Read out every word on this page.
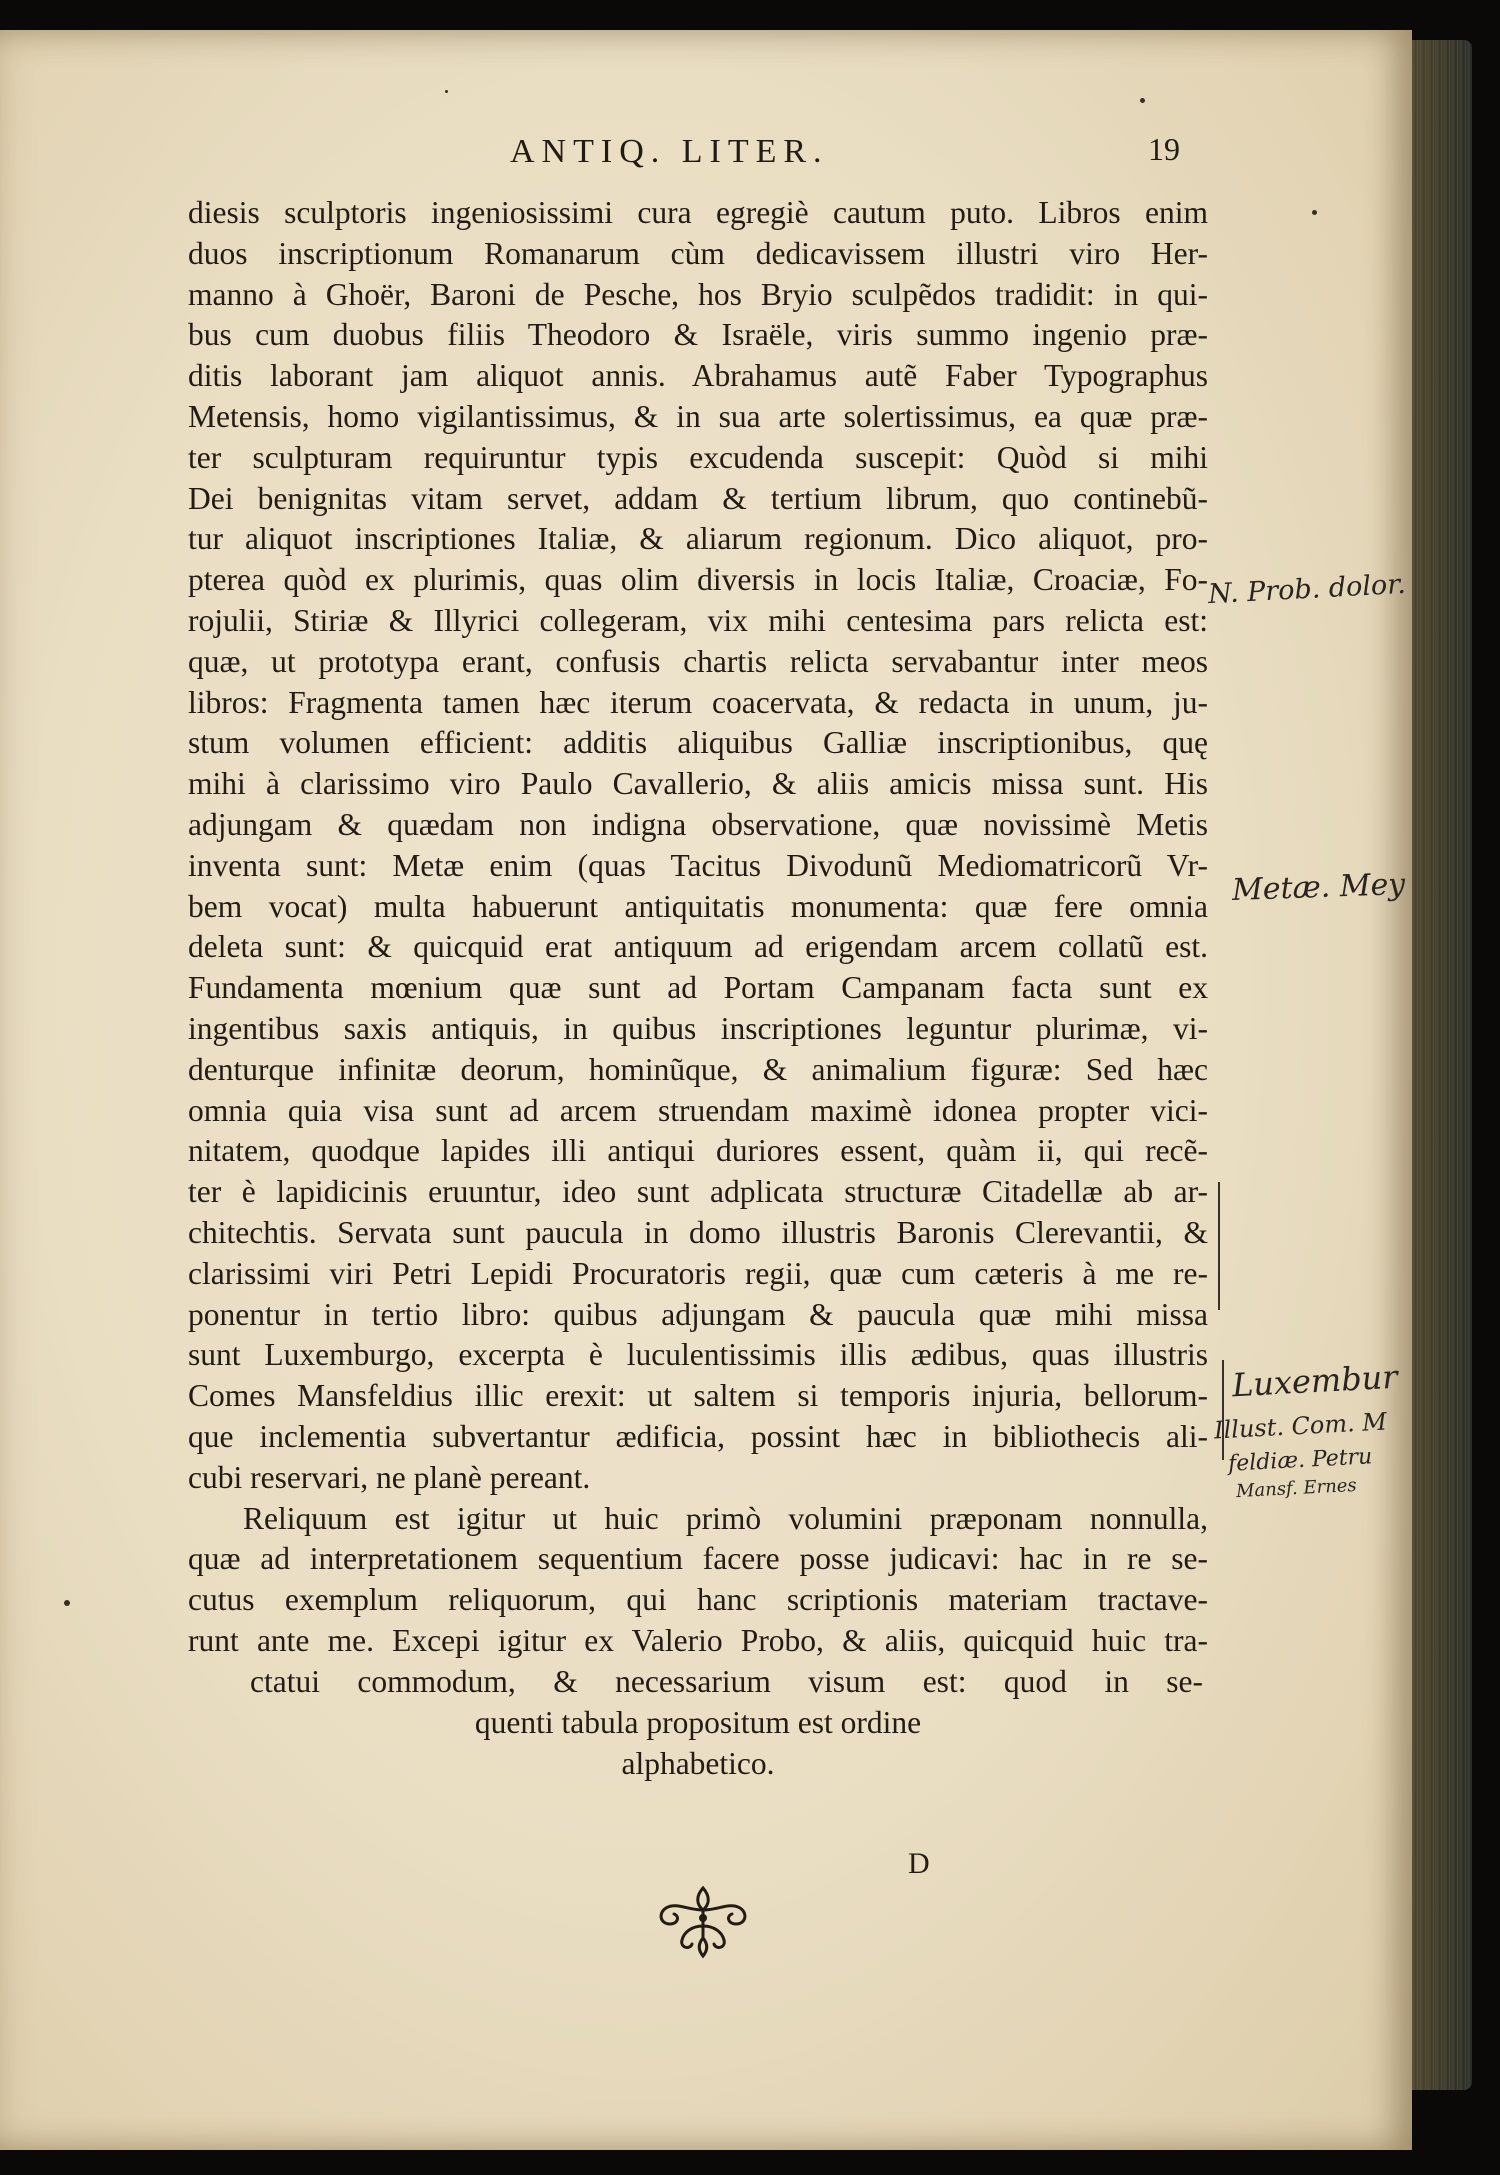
ANTIQ. LITER.	19
diesis sculptoris ingeniosissimi cura egregiè cautum puto. Libros enim
duos inscriptionum Romanarum cùm dedicavissem illustri viro Her-
manno à Ghoër, Baroni de Pesche, hos Bryio sculpẽdos tradidit: in qui-
bus cum duobus filiis Theodoro & Israële, viris summo ingenio præ-
ditis laborant jam aliquot annis. Abrahamus autẽ Faber Typographus
Metensis, homo vigilantissimus, & in sua arte solertissimus, ea quæ præ-
ter sculpturam requiruntur typis excudenda suscepit: Quòd si mihi
Dei benignitas vitam servet, addam & tertium librum, quo continebũ-
tur aliquot inscriptiones Italiæ, & aliarum regionum. Dico aliquot, pro-
pterea quòd ex plurimis, quas olim diversis in locis Italiæ, Croaciæ, Fo-
rojulii, Stiriæ & Illyrici collegeram, vix mihi centesima pars relicta est:
quæ, ut prototypa erant, confusis chartis relicta servabantur inter meos
libros: Fragmenta tamen hæc iterum coacervata, & redacta in unum, ju-
stum volumen efficient: additis aliquibus Galliæ inscriptionibus, quę
mihi à clarissimo viro Paulo Cavallerio, & aliis amicis missa sunt. His
adjungam & quædam non indigna observatione, quæ novissimè Metis
inventa sunt: Metæ enim (quas Tacitus Divodunũ Mediomatricorũ Vr-
bem vocat) multa habuerunt antiquitatis monumenta: quæ fere omnia
deleta sunt: & quicquid erat antiquum ad erigendam arcem collatũ est.
Fundamenta mœnium quæ sunt ad Portam Campanam facta sunt ex
ingentibus saxis antiquis, in quibus inscriptiones leguntur plurimæ, vi-
denturque infinitæ deorum, hominũque, & animalium figuræ: Sed hæc
omnia quia visa sunt ad arcem struendam maximè idonea propter vici-
nitatem, quodque lapides illi antiqui duriores essent, quàm ii, qui recẽ-
ter è lapidicinis eruuntur, ideo sunt adplicata structuræ Citadellæ ab ar-
chitechtis. Servata sunt paucula in domo illustris Baronis Clerevantii, &
clarissimi viri Petri Lepidi Procuratoris regii, quæ cum cæteris à me re-
ponentur in tertio libro: quibus adjungam & paucula quæ mihi missa
sunt Luxemburgo, excerpta è luculentissimis illis ædibus, quas illustris
Comes Mansfeldius illic erexit: ut saltem si temporis injuria, bellorum-
que inclementia subvertantur ædificia, possint hæc in bibliothecis ali-
cubi reservari, ne planè pereant.
Reliquum est igitur ut huic primò volumini præponam nonnulla,
quæ ad interpretationem sequentium facere posse judicavi: hac in re se-
cutus exemplum reliquorum, qui hanc scriptionis materiam tractave-
runt ante me. Excepi igitur ex Valerio Probo, & aliis, quicquid huic tra-
ctatui commodum, & necessarium visum est: quod in se-
quenti tabula propositum est ordine
alphabetico.
D
N. Prob. dolor.
Metæ. Mey
Luxembur
Illust. Com. M
feldiæ. Petru
Mansf. Ernes
